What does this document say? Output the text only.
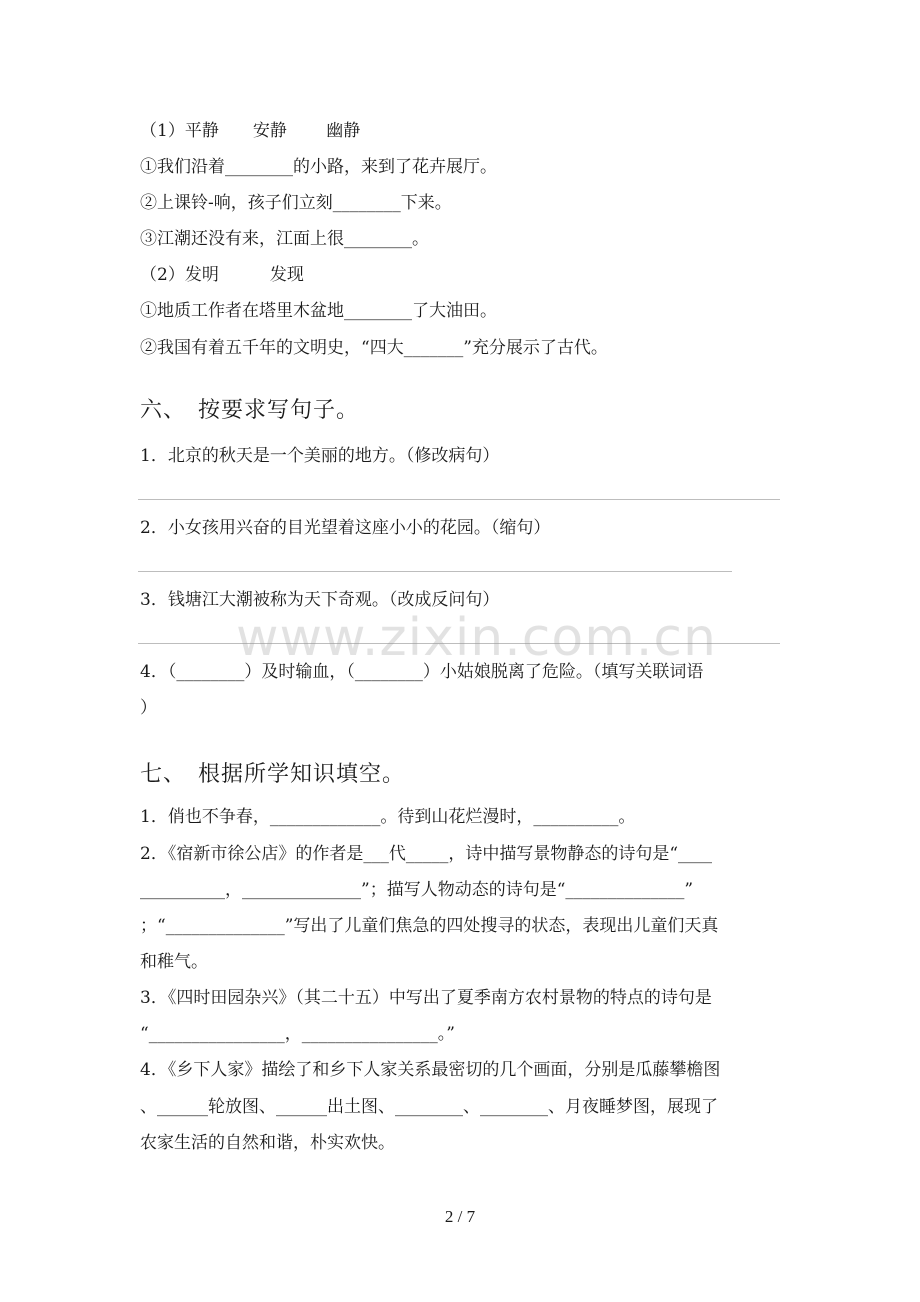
（1）平静　　安静　　 幽静
①我们沿着________的小路，来到了花卉展厅。
②上课铃-响，孩子们立刻________下来。
③江潮还没有来，江面上很________。
（2）发明　　　发现
①地质工作者在塔里木盆地________了大油田。
②我国有着五千年的文明史，“四大_______”充分展示了古代。
六、　按要求写句子。
1．北京的秋天是一个美丽的地方。（修改病句）
2．小女孩用兴奋的目光望着这座小小的花园。（缩句）
3．钱塘江大潮被称为天下奇观。（改成反问句）
4．（________）及时输血，（________）小姑娘脱离了危险。（填写关联词语
）
七、　根据所学知识填空。
1．俏也不争春，_____________。待到山花烂漫时，__________。
2．《宿新市徐公店》的作者是___代_____，诗中描写景物静态的诗句是“____
__________，______________”；描写人物动态的诗句是“______________”
；“______________”写出了儿童们焦急的四处搜寻的状态，表现出儿童们天真
和稚气。
3．《四时田园杂兴》（其二十五）中写出了夏季南方农村景物的特点的诗句是
“________________，________________。”
4．《乡下人家》描绘了和乡下人家关系最密切的几个画面，分别是瓜藤攀檐图
、______轮放图、______出土图、________、________、月夜睡梦图，展现了
农家生活的自然和谐，朴实欢快。
www.zixin.com.cn
2 / 7
